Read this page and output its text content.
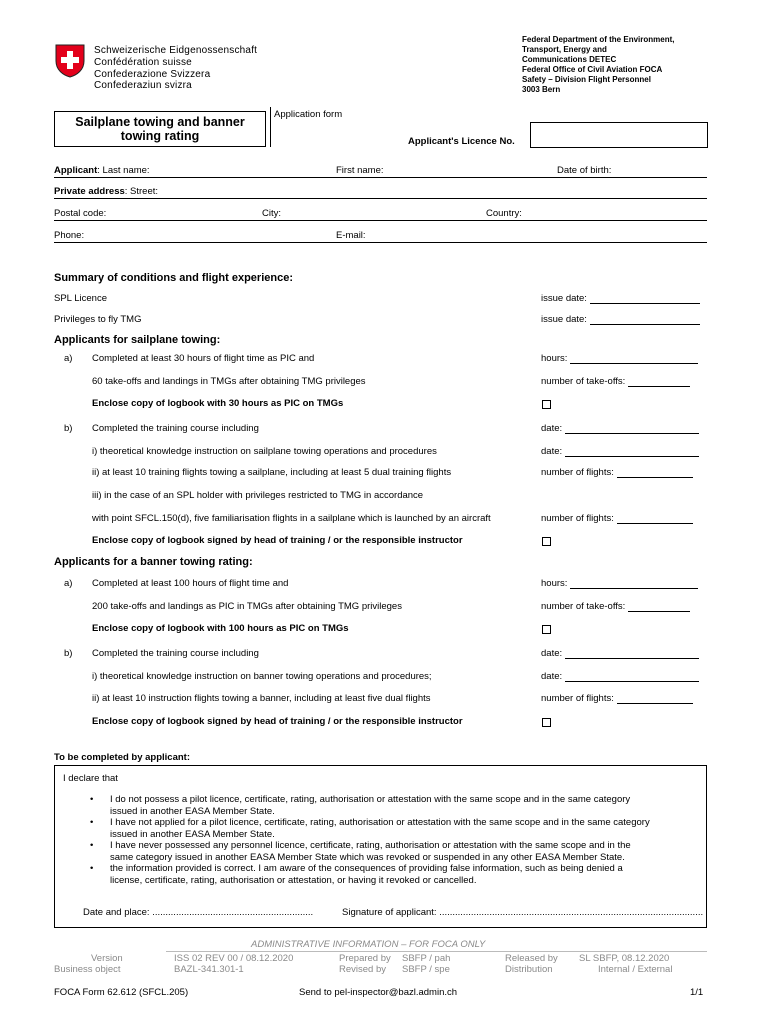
Schweizerische Eidgenossenschaft
Confédération suisse
Confederazione Svizzera
Confederaziun svizra
Federal Department of the Environment,
Transport, Energy and
Communications DETEC
Federal Office of Civil Aviation FOCA
Safety – Division Flight Personnel
3003 Bern
Sailplane towing and banner
towing rating
Application form
Applicant's Licence No.
Applicant: Last name:	First name:	Date of birth:
Private address: Street:
Postal code:	City:	Country:
Phone:	E-mail:
Summary of conditions and flight experience:
SPL Licence	issue date:
Privileges to fly TMG	issue date:
Applicants for sailplane towing:
a) Completed at least 30 hours of flight time as PIC and	hours:
60 take-offs and landings in TMGs after obtaining TMG privileges	number of take-offs:
Enclose copy of logbook with 30 hours as PIC on TMGs
b) Completed the training course including	date:
i) theoretical knowledge instruction on sailplane towing operations and procedures	date:
ii) at least 10 training flights towing a sailplane, including at least 5 dual training flights	number of flights:
iii) in the case of an SPL holder with privileges restricted to TMG in accordance
with point SFCL.150(d), five familiarisation flights in a sailplane which is launched by an aircraft	number of flights:
Enclose copy of logbook signed by head of training / or the responsible instructor
Applicants for a banner towing rating:
a) Completed at least 100 hours of flight time and	hours:
200 take-offs and landings as PIC in TMGs after obtaining TMG privileges	number of take-offs:
Enclose copy of logbook with 100 hours as PIC on TMGs
b) Completed the training course including	date:
i) theoretical knowledge instruction on banner towing operations and procedures;	date:
ii) at least 10 instruction flights towing a banner, including at least five dual flights	number of flights:
Enclose copy of logbook signed by head of training / or the responsible instructor
To be completed by applicant:
I declare that
• I do not possess a pilot licence, certificate, rating, authorisation or attestation with the same scope and in the same category
issued in another EASA Member State.
• I have not applied for a pilot licence, certificate, rating, authorisation or attestation with the same scope and in the same category
issued in another EASA Member State.
• I have never possessed any personnel licence, certificate, rating, authorisation or attestation with the same scope and in the
same category issued in another EASA Member State which was revoked or suspended in any other EASA Member State.
• the information provided is correct. I am aware of the consequences of providing false information, such as being denied a
license, certificate, rating, authorisation or attestation, or having it revoked or cancelled.
Date and place: .............................................................	Signature of applicant: ....................................................................................................
ADMINISTRATIVE INFORMATION – FOR FOCA ONLY
Version	ISS 02 REV 00 / 08.12.2020	Prepared by SBFP / pah	Released by SL SBFP, 08.12.2020
Business object	BAZL-341.301-1	Revised by SBFP / spe	Distribution	Internal / External
FOCA Form 62.612 (SFCL.205)	Send to pel-inspector@bazl.admin.ch	1/1
